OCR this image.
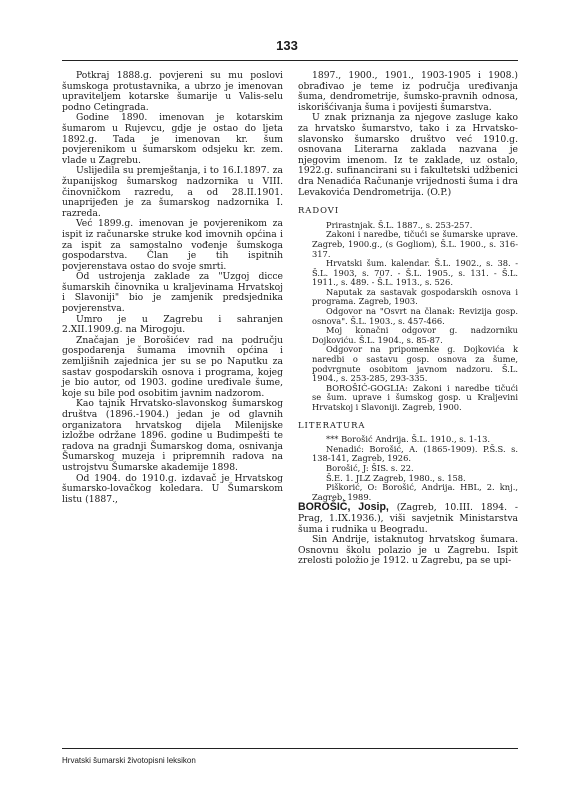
133

Potkraj 1888.g. povjereni su mu poslovi šumskoga protustavnika, a ubrzo je imenovan upraviteljem kotarske šumarije u Valis-selu podno Cetingrada.

Godine 1890. imenovan je kotarskim šumarom u Rujevcu, gdje je ostao do ljeta 1892.g. Tada je imenovan kr. šum povjerenikom u šumarskom odsjeku kr. zem. vlade u Zagrebu.

Uslijedila su premještanja, i to 16.I.1897. za županijskog šumarskog nadzornika u VIII. činovničkom razredu, a od 28.II.1901. unaprijeđen je za šumarskog nadzornika I. razreda.

Već 1899.g. imenovan je povjerenikom za ispit iz računarske struke kod imovnih općina i za ispit za samostalno vođenje šumskoga gospodarstva. Član je tih ispitnih povjerenstava ostao do svoje smrti.

Od ustrojenja zaklade za "Uzgoj dicce šumarskih činovnika u kraljevinama Hrvatskoj i Slavoniji" bio je zamjenik predsjednika povjerenstva.

Umro je u Zagrebu i sahranjen 2.XII.1909.g. na Mirogoju.

Značajan je Borošićev rad na području gospodarenja šumama imovnih općina i zemljišnih zajednica jer su se po Naputku za sastav gospodarskih osnova i programa, kojeg je bio autor, od 1903. godine uređivale šume, koje su bile pod osobitim javnim nadzorom.

Kao tajnik Hrvatsko-slavonskog šumarskog društva (1896.-1904.) jedan je od glavnih organizatora hrvatskog dijela Milenijske izložbe održane 1896. godine u Budimpešti te radova na gradnji Šumarskog doma, osnivanja Šumarskog muzeja i pripremnih radova na ustrojstvu Šumarske akademije 1898.

Od 1904. do 1910.g. izdavač je Hrvatskog šumarsko-lovačkog koledara. U Šumarskom listu (1887.,

1897., 1900., 1901., 1903-1905 i 1908.) obrađivao je teme iz područja uređivanja šuma, dendrometrije, šumsko-pravnih odnosa, iskorišćivanja šuma i povijesti šumarstva.

U znak priznanja za njegove zasluge kako za hrvatsko šumarstvo, tako i za Hrvatsko-slavonsko šumarsko društvo već 1910.g. osnovana Literarna zaklada nazvana je njegovim imenom. Iz te zaklade, uz ostalo, 1922.g. sufinancirani su i fakultetski udžbenici dra Nenadića Računanje vrijednosti šuma i dra Levakovića Dendrometrija. (O.P.)

RADOVI

Prirastnjak. Š.L. 1887., s. 253-257.

Zakoni i naredbe, tičući se šumarske uprave. Zagreb, 1900.g., (s Gogliom), Š.L. 1900., s. 316-317.

Hrvatski šum. kalendar. Š.L. 1902., s. 38. - Š.L. 1903, s. 707. - Š.L. 1905., s. 131. - Š.L. 1911., s. 489. - Š.L. 1913., s. 526.

Naputak za sastavak gospodarskih osnova i programa. Zagreb, 1903.

Odgovor na "Osvrt na članak: Revizija gosp. osnova". Š.L. 1903., s. 457-466.

Moj konačni odgovor g. nadzorniku Dojkoviću. Š.L. 1904., s. 85-87.

Odgovor na pripomenke g. Dojkovića k naredbi o sastavu gosp. osnova za šume, podvrgnute osobitom javnom nadzoru. Š.L. 1904., s. 253-285, 293-335.

BOROŠIĆ-GOGLIA: Zakoni i naredbe tičući se šum. uprave i šumskog gosp. u Kraljevini Hrvatskoj i Slavoniji. Zagreb, 1900.

LITERATURA

*** Borošić Andrija. Š.L. 1910., s. 1-13.

Nenadić: Borošić, A. (1865-1909). P.Š.S. s. 138-141, Zagreb, 1926.

Borošić, J: ŠIS. s. 22.

Š.E. 1. JLZ Zagreb, 1980., s. 158.

Piškorić, O: Borošić, Andrija. HBL, 2. knj., Zagreb, 1989.

BOROŠIĆ, Josip, (Zagreb, 10.III. 1894. - Prag, 1.IX.1936.), viši savjetnik Ministarstva šuma i rudnika u Beogradu.

Sin Andrije, istaknutog hrvatskog šumara. Osnovnu školu polazio je u Zagrebu. Ispit zrelosti položio je 1912. u Zagrebu, pa se upi-

Hrvatski šumarski životopisni leksikon
